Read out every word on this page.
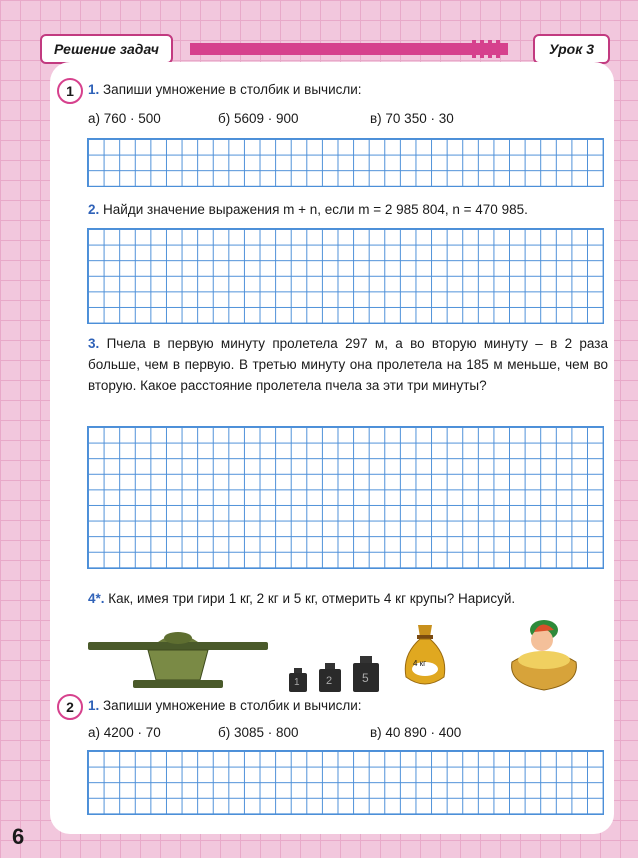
Решение задач	Урок 3
1	1. Запиши умножение в столбик и вычисли:
а) 760 · 500	б) 5609 · 900	в) 70 350 · 30
2. Найди значение выражения m + n, если m = 2 985 804, n = 470 985.
3. Пчела в первую минуту пролетела 297 м, а во вторую минуту – в 2 раза больше, чем в первую. В третью минуту она пролетела на 185 м меньше, чем во вторую. Какое расстояние пролетела пчела за эти три минуты?
4*. Как, имея три гири 1 кг, 2 кг и 5 кг, отмерить 4 кг крупы? Нарисуй.
1 2 5
4 кг
2	1. Запиши умножение в столбик и вычисли:
а) 4200 · 70	б) 3085 · 800	в) 40 890 · 400
6
